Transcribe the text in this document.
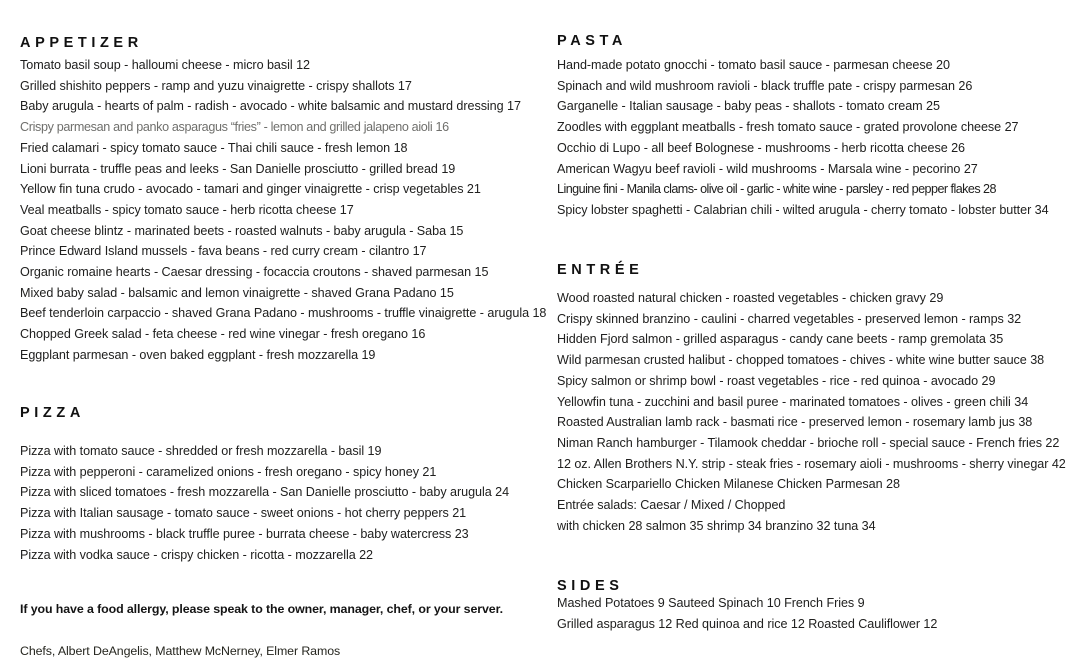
APPETIZER
Tomato basil soup - halloumi cheese - micro basil 12
Grilled shishito peppers - ramp and yuzu vinaigrette - crispy shallots 17
Baby arugula - hearts of palm - radish - avocado - white balsamic and mustard dressing 17
Crispy parmesan and panko asparagus “fries” - lemon and grilled jalapeno aioli 16
Fried calamari - spicy tomato sauce - Thai chili sauce - fresh lemon 18
Lioni burrata - truffle peas and leeks - San Danielle prosciutto - grilled bread 19
Yellow fin tuna crudo - avocado - tamari and ginger vinaigrette - crisp vegetables 21
Veal meatballs - spicy tomato sauce - herb ricotta cheese 17
Goat cheese blintz - marinated beets - roasted walnuts - baby arugula - Saba 15
Prince Edward Island mussels - fava beans - red curry cream - cilantro 17
Organic romaine hearts - Caesar dressing - focaccia croutons - shaved parmesan 15
Mixed baby salad - balsamic and lemon vinaigrette - shaved Grana Padano 15
Beef tenderloin carpaccio - shaved Grana Padano - mushrooms - truffle vinaigrette - arugula 18
Chopped Greek salad - feta cheese - red wine vinegar - fresh oregano 16
Eggplant parmesan - oven baked eggplant - fresh mozzarella 19
PIZZA
Pizza with tomato sauce - shredded or fresh mozzarella - basil 19
Pizza with pepperoni - caramelized onions - fresh oregano - spicy honey 21
Pizza with sliced tomatoes - fresh mozzarella - San Danielle prosciutto - baby arugula 24
Pizza with Italian sausage - tomato sauce - sweet onions - hot cherry peppers 21
Pizza with mushrooms - black truffle puree - burrata cheese - baby watercress 23
Pizza with vodka sauce - crispy chicken - ricotta - mozzarella 22

If you have a food allergy, please speak to the owner, manager, chef, or your server.

Chefs, Albert DeAngelis, Matthew McNerney, Elmer Ramos

PASTA
Hand-made potato gnocchi - tomato basil sauce - parmesan cheese 20
Spinach and wild mushroom ravioli - black truffle pate - crispy parmesan 26
Garganelle - Italian sausage - baby peas - shallots - tomato cream 25
Zoodles with eggplant meatballs - fresh tomato sauce - grated provolone cheese 27
Occhio di Lupo - all beef Bolognese - mushrooms - herb ricotta cheese 26
American Wagyu beef ravioli - wild mushrooms - Marsala wine - pecorino 27
Linguine fini - Manila clams- olive oil - garlic - white wine - parsley - red pepper flakes 28
Spicy lobster spaghetti - Calabrian chili - wilted arugula - cherry tomato - lobster butter 34
ENTRÉE
Wood roasted natural chicken - roasted vegetables - chicken gravy 29
Crispy skinned branzino - caulini - charred vegetables - preserved lemon - ramps 32
Hidden Fjord salmon - grilled asparagus - candy cane beets - ramp gremolata 35
Wild parmesan crusted halibut - chopped tomatoes - chives - white wine butter sauce 38
Spicy salmon or shrimp bowl - roast vegetables - rice - red quinoa - avocado 29
Yellowfin tuna - zucchini and basil puree - marinated tomatoes - olives - green chili 34
Roasted Australian lamb rack - basmati rice - preserved lemon - rosemary lamb jus 38
Niman Ranch hamburger - Tilamook cheddar - brioche roll - special sauce - French fries 22
12 oz. Allen Brothers N.Y. strip - steak fries - rosemary aioli - mushrooms - sherry vinegar 42
Chicken Scarpariello Chicken Milanese Chicken Parmesan 28
Entrée salads: Caesar / Mixed / Chopped
with chicken 28 salmon 35 shrimp 34 branzino 32 tuna 34
SIDES
Mashed Potatoes 9 Sauteed Spinach 10 French Fries 9
Grilled asparagus 12 Red quinoa and rice 12 Roasted Cauliflower 12
